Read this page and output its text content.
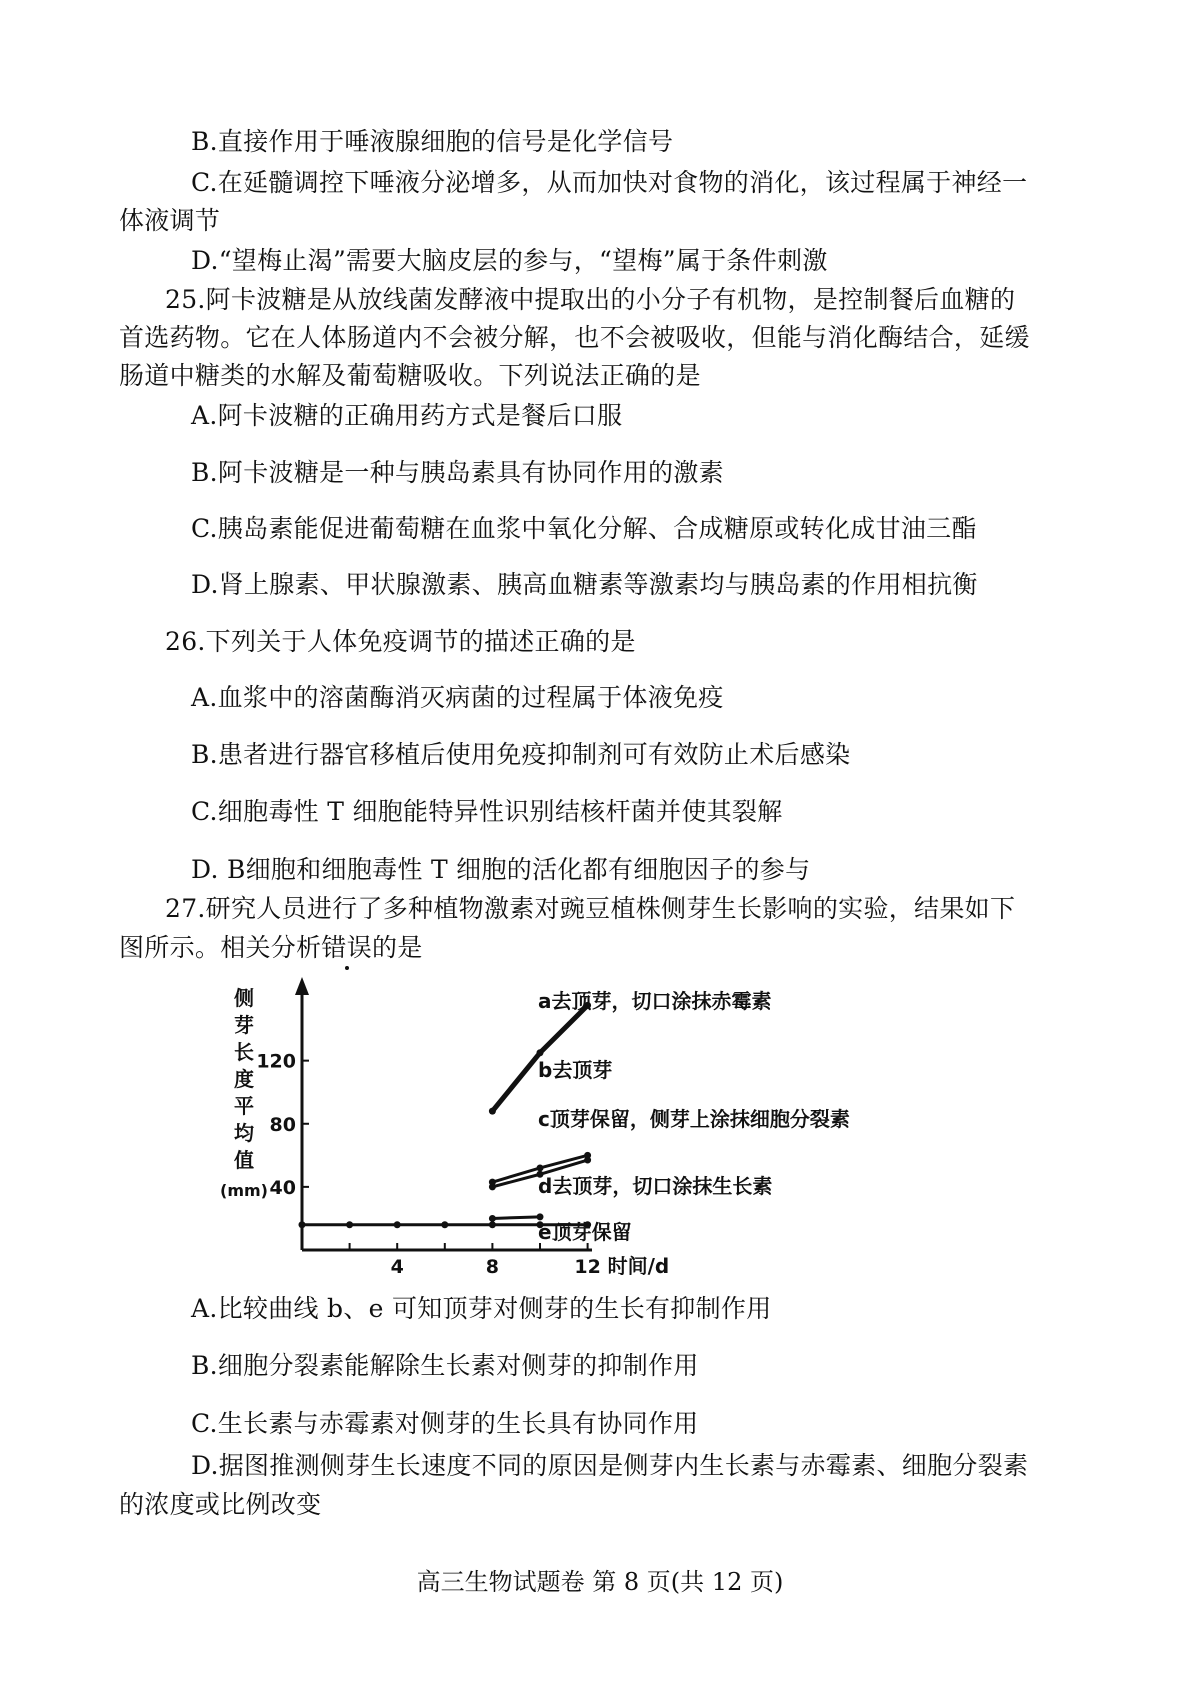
B.直接作用于唾液腺细胞的信号是化学信号
C.在延髓调控下唾液分泌增多，从而加快对食物的消化，该过程属于神经一
体液调节
D.“望梅止渴”需要大脑皮层的参与，“望梅”属于条件刺激
25.阿卡波糖是从放线菌发酵液中提取出的小分子有机物，是控制餐后血糖的
首选药物。它在人体肠道内不会被分解，也不会被吸收，但能与消化酶结合，延缓
肠道中糖类的水解及葡萄糖吸收。下列说法正确的是
A.阿卡波糖的正确用药方式是餐后口服
B.阿卡波糖是一种与胰岛素具有协同作用的激素
C.胰岛素能促进葡萄糖在血浆中氧化分解、合成糖原或转化成甘油三酯
D.肾上腺素、甲状腺激素、胰高血糖素等激素均与胰岛素的作用相抗衡
26.下列关于人体免疫调节的描述正确的是
A.血浆中的溶菌酶消灭病菌的过程属于体液免疫
B.患者进行器官移植后使用免疫抑制剂可有效防止术后感染
C.细胞毒性 T 细胞能特异性识别结核杆菌并使其裂解
D. B细胞和细胞毒性 T 细胞的活化都有细胞因子的参与
27.研究人员进行了多种植物激素对豌豆植株侧芽生长影响的实验，结果如下
图所示。相关分析错误的是
侧
芽
长
度
平
均
值
(mm) 40
80
120
4	8	12 时间/d
a去顶芽，切口涂抹赤霉素
b去顶芽
c顶芽保留，侧芽上涂抹细胞分裂素
d去顶芽，切口涂抹生长素
e顶芽保留
A.比较曲线 b、e 可知顶芽对侧芽的生长有抑制作用
B.细胞分裂素能解除生长素对侧芽的抑制作用
C.生长素与赤霉素对侧芽的生长具有协同作用
D.据图推测侧芽生长速度不同的原因是侧芽内生长素与赤霉素、细胞分裂素
的浓度或比例改变
高三生物试题卷 第 8 页(共 12 页)
